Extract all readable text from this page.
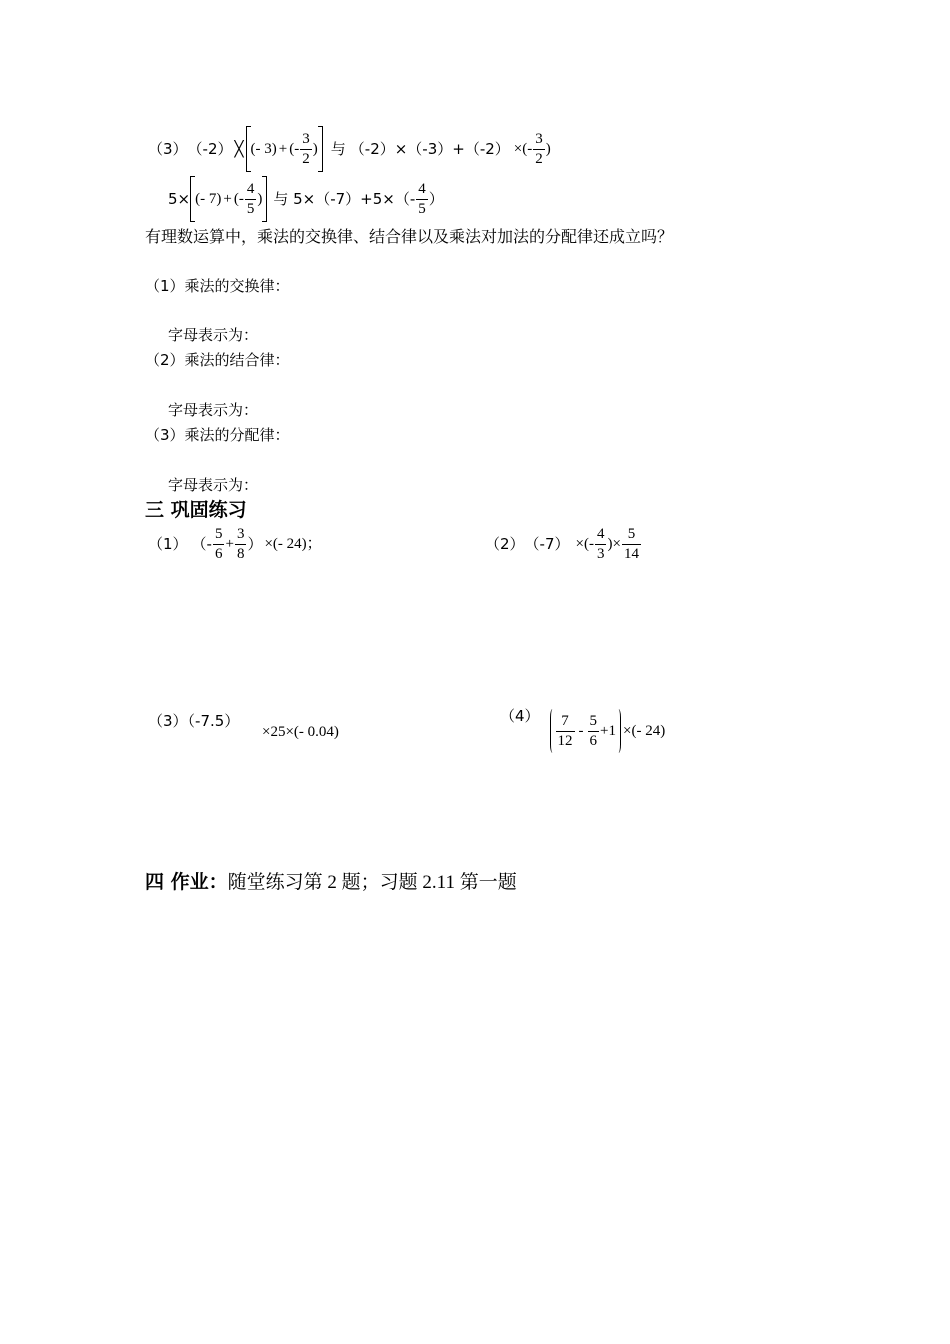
（3） （-2） ╳ ( - 3 ) + (- $\frac{3}{2}$ ) 与 （-2）×（-3）+（-2） ×(- $\frac{3}{2}$ )
5× ( - 7 ) + (- $\frac{4}{5}$ ) 与 $5\times(-7)+5\times(- \frac{4}{5}$ ）
有理数运算中，乘法的交换律、结合律以及乘法对加法的分配律还成立吗？
（1）乘法的交换律：
字母表示为：
（2）乘法的结合律：
字母表示为：
（3）乘法的分配律：
字母表示为：
三 巩固练习
（1） （- $\frac{5}{6} + \frac{3}{8}$ ） ×(- 24)；	（2） （-7） ×(- $\frac{4}{3}$ )× $\frac{5}{14}$
（3）（-7.5）
×25×(- 0.04)
$(4) \frac{7}{12} - \frac{5}{6} +1$ ×(- 24)
四 作业：随堂练习第 2 题；习题 2.11 第一题
